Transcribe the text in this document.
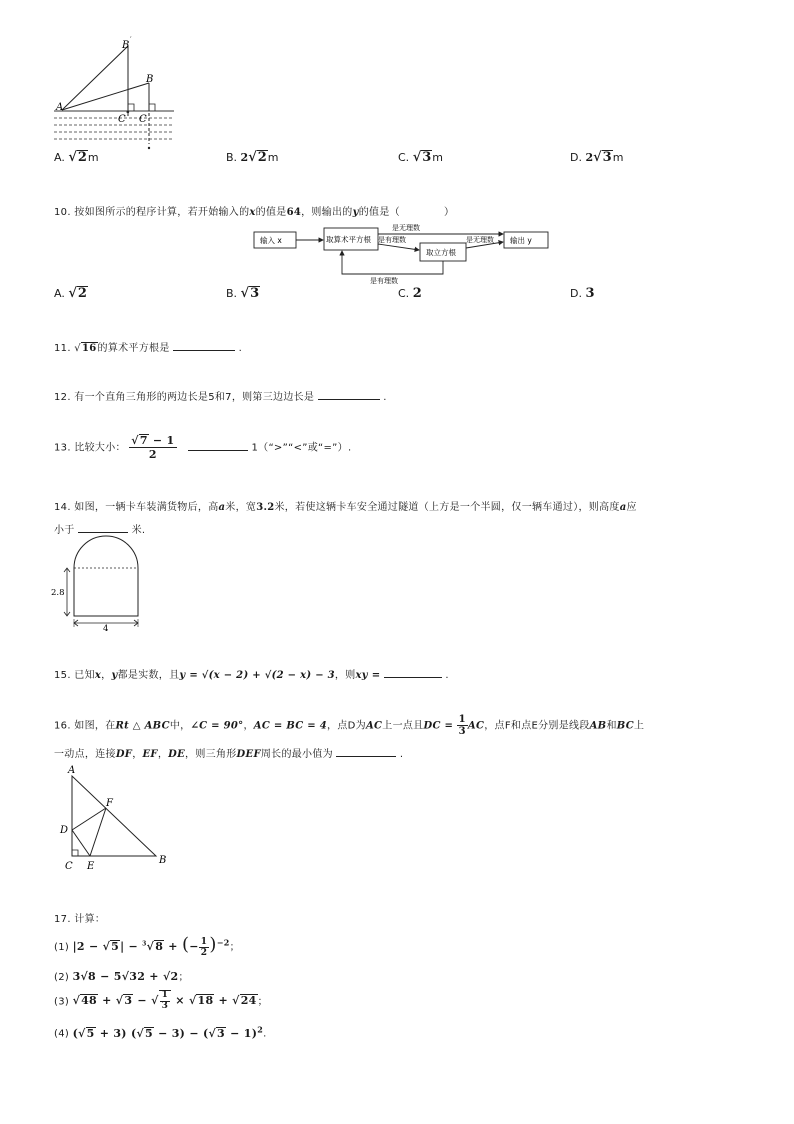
B ′
B
A
C ′ C
A. √2m	B. 2√2m	C. √3m	D. 2√3m
10. 按如图所示的程序计算，若开始输入的x的值是64，则输出的y的值是（	）
输入 x	取算术平方根
是无理数
是有理数
取立方根
是无理数 输出 y
是有理数
A. √2	B. √3	C. 2	D. 3
11. √16的算术平方根是	.
12. 有一个直角三角形的两边长是5和7，则第三边边长是	.
13. 比较大小： $\frac{√7 - 1}{2}$	1（“>”“<”或“=”）.
14. 如图，一辆卡车装满货物后，高a米，宽3.2米，若使这辆卡车安全通过隧道（上方是一个半圆，仅一辆车通过），则高度a应
小于	米.
2.8
4
15. 已知x，y都是实数，且y = √(x − 2) + √(2 − x) − 3，则xy =	.
16. 如图，在Rt △ ABC中，∠C = 90°，AC = BC = 4，点D为AC上一点且DC = $\frac{1}{3}$ AC，点F和点E分别是线段AB和BC上
一动点，连接DF，EF，DE，则三角形DEF周长的最小值为	.
A
F
D
C E
B
17. 计算：
(1) |2 − √5| − $^3$√8 + (− $\frac{1}{2} )^{-2}$；
(2) 3√8 − 5√32 + √2；
(3) √48 + √3 − √ $\frac{1}{3} \times √18 + √24$；
(4) (√5 + 3) $(√5 - 3) - (√3 - 1)^2$.
